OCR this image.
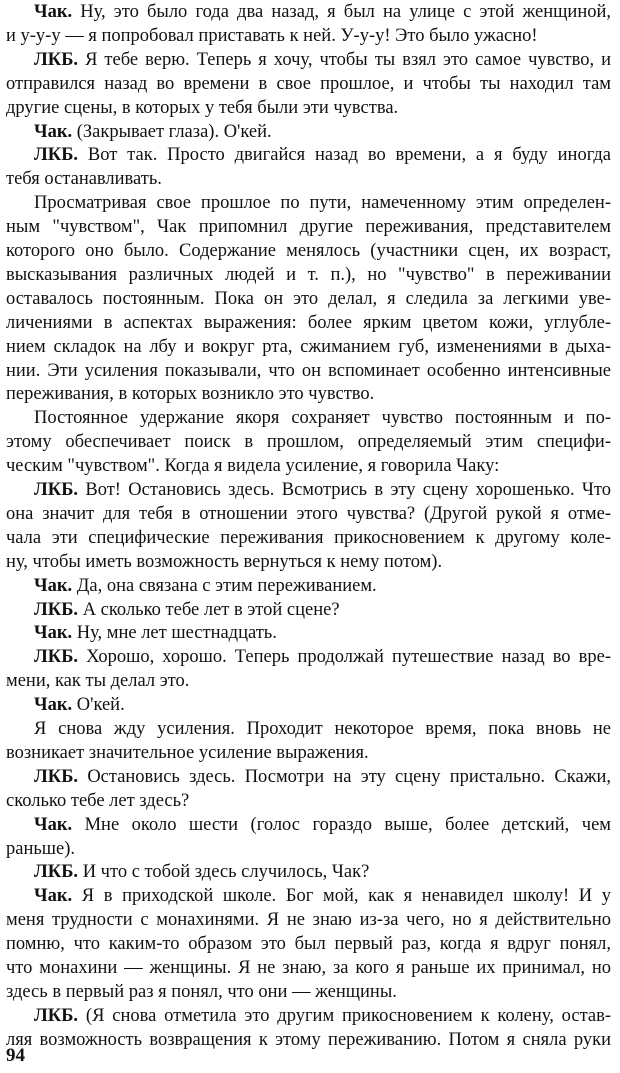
Чак. Ну, это было года два назад, я был на улице с этой женщиной,
и у-у-у — я попробовал приставать к ней. У-у-у! Это было ужасно!
ЛКБ. Я тебе верю. Теперь я хочу, чтобы ты взял это самое чувство, и
отправился назад во времени в свое прошлое, и чтобы ты находил там
другие сцены, в которых у тебя были эти чувства.
Чак. (Закрывает глаза). О'кей.
ЛКБ. Вот так. Просто двигайся назад во времени, а я буду иногда
тебя останавливать.
Просматривая свое прошлое по пути, намеченному этим определен-
ным "чувством", Чак припомнил другие переживания, представителем
которого оно было. Содержание менялось (участники сцен, их возраст,
высказывания различных людей и т. п.), но "чувство" в переживании
оставалось постоянным. Пока он это делал, я следила за легкими уве-
личениями в аспектах выражения: более ярким цветом кожи, углубле-
нием складок на лбу и вокруг рта, сжиманием губ, изменениями в дыха-
нии. Эти усиления показывали, что он вспоминает особенно интенсивные
переживания, в которых возникло это чувство.
Постоянное удержание якоря сохраняет чувство постоянным и по-
этому обеспечивает поиск в прошлом, определяемый этим специфи-
ческим "чувством". Когда я видела усиление, я говорила Чаку:
ЛКБ. Вот! Остановись здесь. Всмотрись в эту сцену хорошенько. Что
она значит для тебя в отношении этого чувства? (Другой рукой я отме-
чала эти специфические переживания прикосновением к другому коле-
ну, чтобы иметь возможность вернуться к нему потом).
Чак. Да, она связана с этим переживанием.
ЛКБ. А сколько тебе лет в этой сцене?
Чак. Ну, мне лет шестнадцать.
ЛКБ. Хорошо, хорошо. Теперь продолжай путешествие назад во вре-
мени, как ты делал это.
Чак. О'кей.
Я снова жду усиления. Проходит некоторое время, пока вновь не
возникает значительное усиление выражения.
ЛКБ. Остановись здесь. Посмотри на эту сцену пристально. Скажи,
сколько тебе лет здесь?
Чак. Мне около шести (голос гораздо выше, более детский, чем
раньше).
ЛКБ. И что с тобой здесь случилось, Чак?
Чак. Я в приходской школе. Бог мой, как я ненавидел школу! И у
меня трудности с монахинями. Я не знаю из-за чего, но я действительно
помню, что каким-то образом это был первый раз, когда я вдруг понял,
что монахини — женщины. Я не знаю, за кого я раньше их принимал, но
здесь в первый раз я понял, что они — женщины.
ЛКБ. (Я снова отметила это другим прикосновением к колену, остав-
ляя возможность возвращения к этому переживанию. Потом я сняла руки
94
